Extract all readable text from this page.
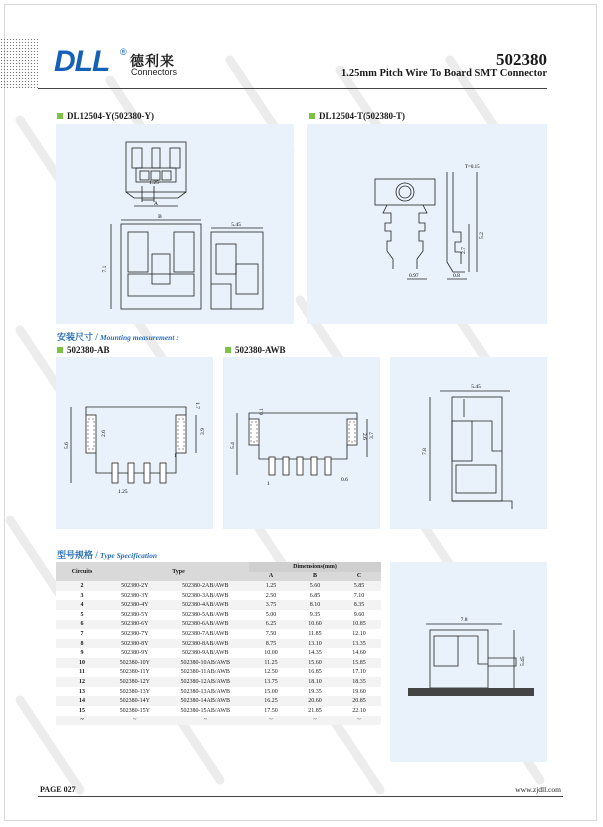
DLL ®
德利来
Connectors
502380
1.25mm Pitch Wire To Board SMT Connector
DL12504-Y(502380-Y)	DL12504-T(502380-T)
1.25
A
B
5.45
7.1
T=0.15
5.2
2.7
0.97	0.8
安装尺寸 / Mounting measurement :
502380-AB	502380-AWB
1.7
2.6	3.9
5.6
1
1.25
0.1
5.4
2.6 3.7
0.6
1
5.45
7.8
型号规格 / Type Specification
Circuits	Type		Dimensions(mm)		
			A	B	C
2	502380-2Y	502380-2AB/AWB	1.25	5.60	5.85
3	502380-3Y	502380-3AB/AWB	2.50	6.85	7.10
4	502380-4Y	502380-4AB/AWB	3.75	8.10	8.35
5	502380-5Y	502380-5AB/AWB	5.00	9.35	9.60
6	502380-6Y	502380-6AB/AWB	6.25	10.60	10.85
7	502380-7Y	502380-7AB/AWB	7.50	11.85	12.10
8	502380-8Y	502380-8AB/AWB	8.75	13.10	13.35
9	502380-9Y	502380-9AB/AWB	10.00	14.35	14.60
10	502380-10Y	502380-10AB/AWB	11.25	15.60	15.85
11	502380-11Y	502380-11AB/AWB	12.50	16.85	17.10
12	502380-12Y	502380-12AB/AWB	13.75	18.10	18.35
13	502380-13Y	502380-13AB/AWB	15.00	19.35	19.60
14	502380-14Y	502380-14AB/AWB	16.25	20.60	20.85
15	502380-15Y	502380-15AB/AWB	17.50	21.85	22.10
~	~	~	~	~	~
7.8
5.45
PAGE 027	www.zjdll.com
